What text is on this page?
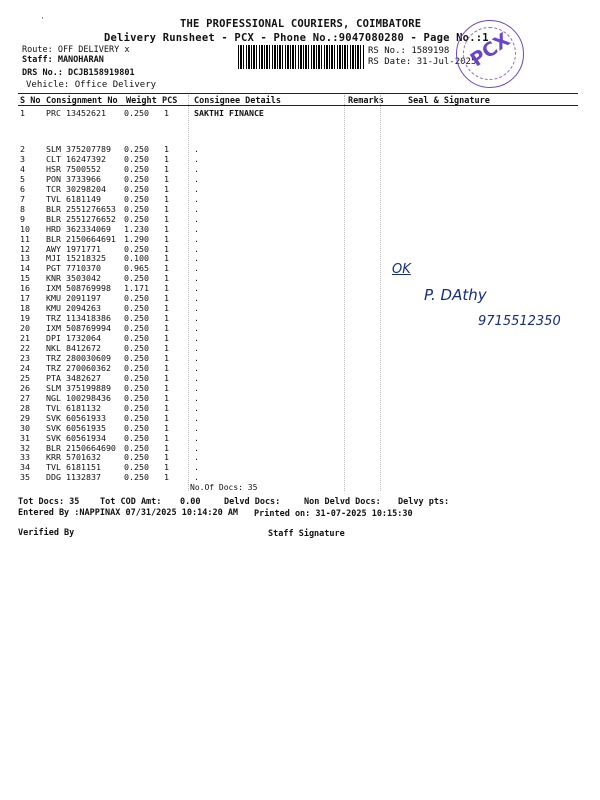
·	THE PROFESSIONAL COURIERS, COIMBATORE
Delivery Runsheet - PCX - Phone No.:9047080280 - Page No.:1
Route: OFF DELIVERY x
Staff: MANOHARAN
DRS No.: DCJB158919801
Vehicle: Office Delivery
RS No.: 1589198
RS Date: 31-Jul-2025
PCX
S No Consignment No Weight PCS Consignee Details	Remarks	Seal & Signature
1	PRC 13452621 0.250 1	SAKTHI FINANCE
2	SLM 375207789 0.250 1	.
3	CLT 16247392 0.250 1	.
4	HSR 7500552	0.250 1	.
5	PON 3733966	0.250 1	.
6	TCR 30298204 0.250 1	.
7	TVL 6181149	0.250 1	.
8	BLR 2551276653 0.250 1	.
9	BLR 2551276652 0.250 1	.
10 HRD 362334069 1.230 1	.
11 BLR 2150664691 1.290 1	.
12 AWY 1971771	0.250 1	.
13 MJI 15218325 0.100 1	.
14 PGT 7710370	0.965 1	.
15 KNR 3503042	0.250 1	.
16 IXM 508769998 1.171 1	.
17 KMU 2091197	0.250 1	.
18 KMU 2094263	0.250 1	.
19 TRZ 113418386 0.250 1	.
20 IXM 508769994 0.250 1	.
21 DPI 1732064	0.250 1	.
22 NKL 8412672	0.250 1	.
23 TRZ 280030609 0.250 1	.
24 TRZ 270060362 0.250 1	.
25 PTA 3482627	0.250 1	.
26 SLM 375199889 0.250 1	.
27 NGL 100298436 0.250 1	.
28 TVL 6181132	0.250 1	.
29 SVK 60561933 0.250 1	.
30 SVK 60561935 0.250 1	.
31 SVK 60561934 0.250 1	.
32 BLR 2150664690 0.250 1	.
33 KRR 5701632	0.250 1	.
34 TVL 6181151	0.250 1	.
35 DDG 1132837	0.250 1	.
No.Of Docs: 35
OK
P. DAthy
9715512350
Tot Docs: 35 Tot COD Amt: 0.00	Delvd Docs:	Non Delvd Docs: Delvy pts:
Entered By :NAPPINAX 07/31/2025 10:14:20 AM Printed on: 31-07-2025 10:15:30
Verified By	Staff Signature
